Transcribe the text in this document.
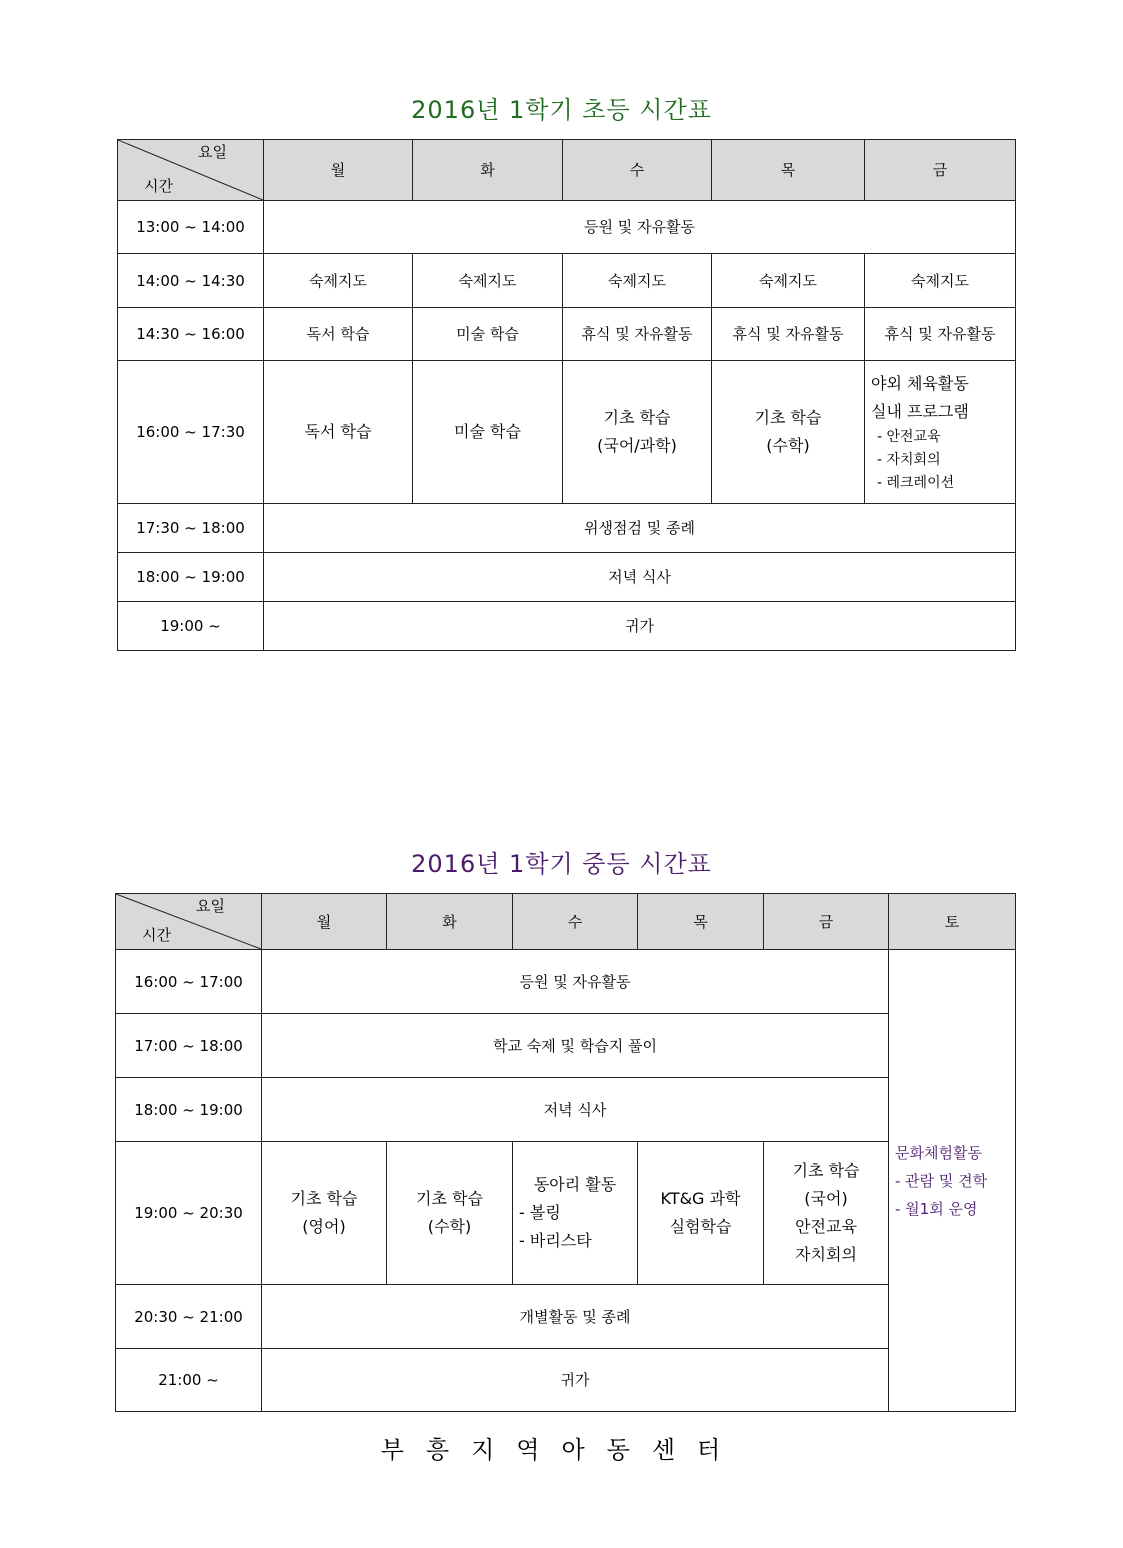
2016년 1학기 초등 시간표
요일
시간	월	화	수	목	금
13:00 ~ 14:00	등원 및 자유활동				
14:00 ~ 14:30	숙제지도	숙제지도	숙제지도	숙제지도	숙제지도
14:30 ~ 16:00	독서 학습	미술 학습	휴식 및 자유활동	휴식 및 자유활동	휴식 및 자유활동
16:00 ~ 17:30	독서 학습	미술 학습	기초 학습
(국어/과학)	기초 학습
(수학)	야외 체육활동
실내 프로그램
- 안전교육
- 자치회의
- 레크레이션

17:30 ~ 18:00	위생점검 및 종례				
18:00 ~ 19:00	저녁 식사				
19:00 ~	귀가				
2016년 1학기 중등 시간표
요일
시간	월	화	수	목	금	토
16:00 ~ 17:00	등원 및 자유활동					문화체험활동
- 관람 및 견학
- 월1회 운영

17:00 ~ 18:00	학교 숙제 및 학습지 풀이					
18:00 ~ 19:00	저녁 식사					
19:00 ~ 20:30	기초 학습
(영어)	기초 학습
(수학)	동아리 활동
- 볼링
- 바리스타	KT&G 과학
실험학습	기초 학습
(국어)
안전교육
자치회의	

20:30 ~ 21:00	개별활동 및 종례					
21:00 ~	귀가					
부흥지역아동센터
